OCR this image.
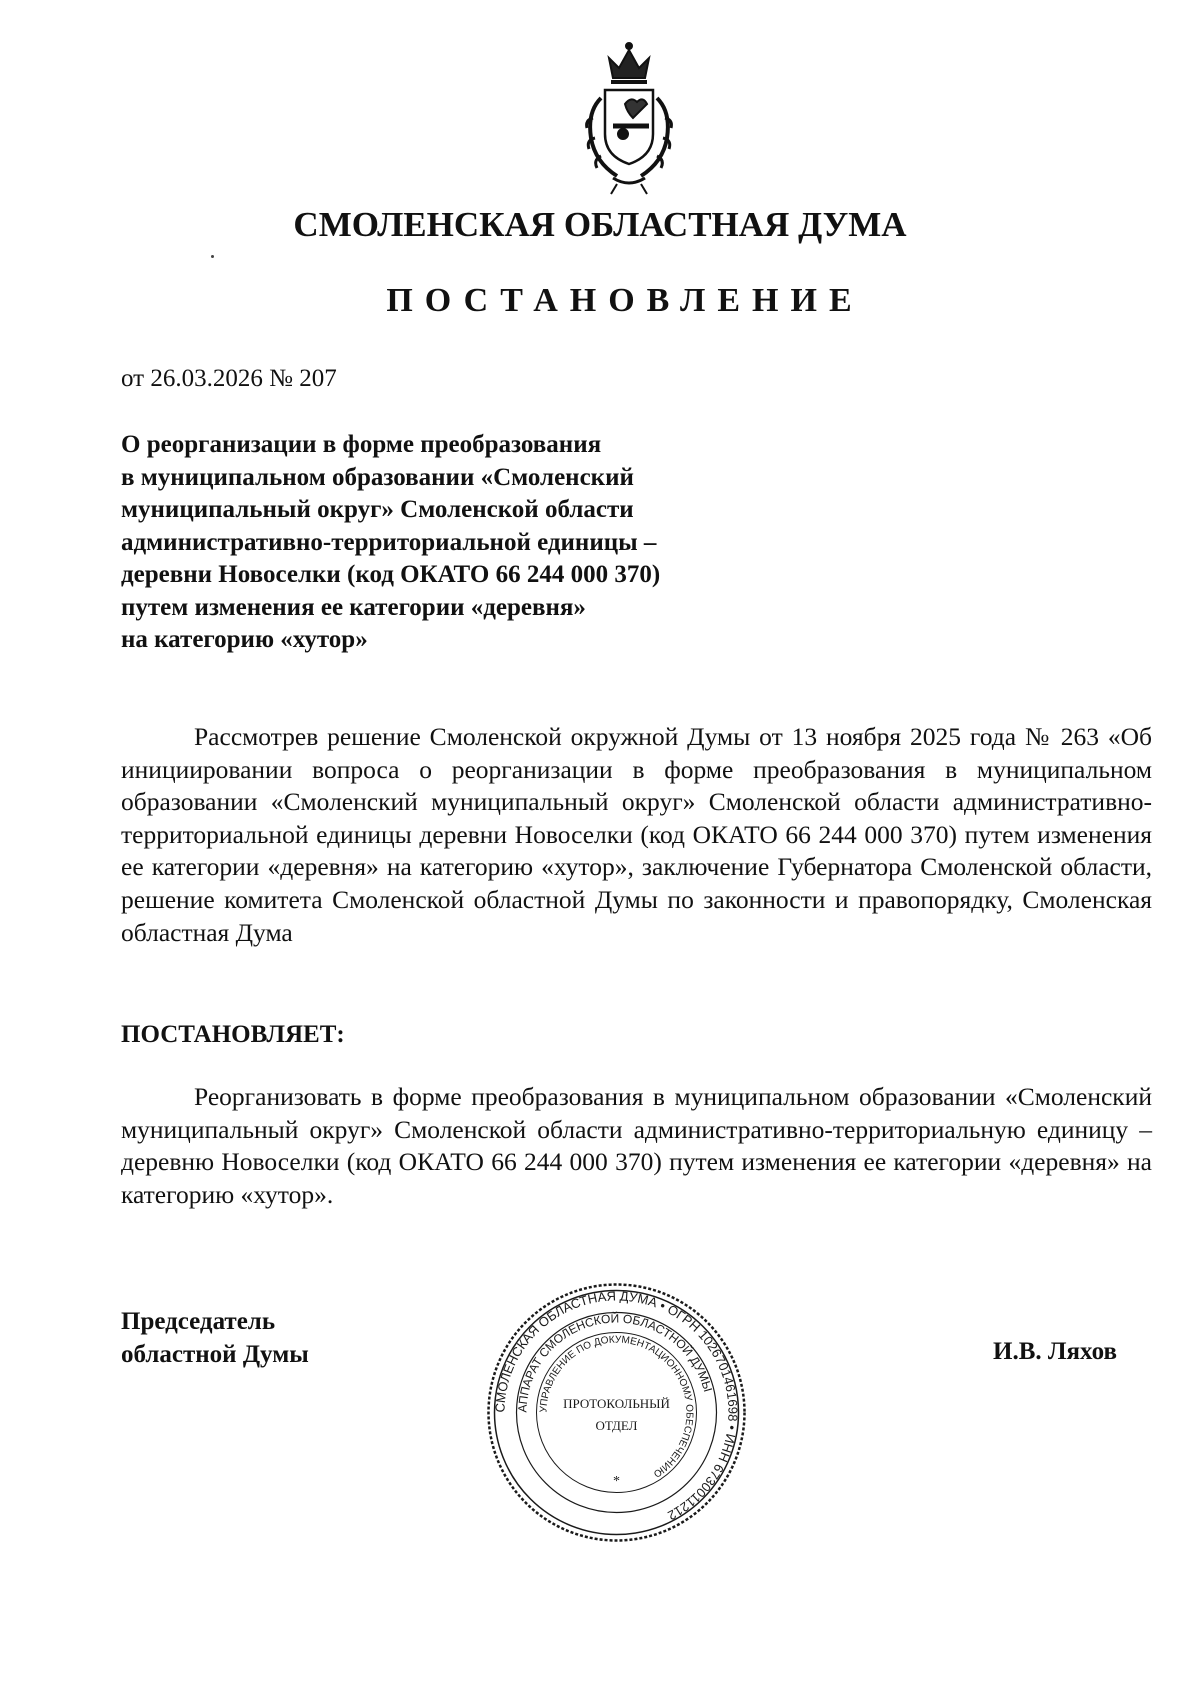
СМОЛЕНСКАЯ ОБЛАСТНАЯ ДУМА
ПОСТАНОВЛЕНИЕ
от 26.03.2026 № 207
О реорганизации в форме преобразования
в муниципальном образовании «Смоленский
муниципальный округ» Смоленской области
административно-территориальной единицы –
деревни Новоселки (код ОКАТО 66 244 000 370)
путем изменения ее категории «деревня»
на категорию «хутор»
Рассмотрев решение Смоленской окружной Думы от 13 ноября 2025 года № 263 «Об инициировании вопроса о реорганизации в форме преобразования в муниципальном образовании «Смоленский муниципальный округ» Смоленской области административно-территориальной единицы деревни Новоселки (код ОКАТО 66 244 000 370) путем изменения ее категории «деревня» на категорию «хутор», заключение Губернатора Смоленской области, решение комитета Смоленской областной Думы по законности и правопорядку, Смоленская областная Дума
ПОСТАНОВЛЯЕТ:
Реорганизовать в форме преобразования в муниципальном образовании «Смоленский муниципальный округ» Смоленской области административно-территориальную единицу – деревню Новоселки (код ОКАТО 66 244 000 370) путем изменения ее категории «деревня» на категорию «хутор».
Председатель
областной Думы	И.В. Ляхов
СМОЛЕНСКАЯ ОБЛАСТНАЯ ДУМА • ОГРН 1026701461698 • ИНН 6730011212
АППАРАТ СМОЛЕНСКОЙ ОБЛАСТНОЙ ДУМЫ
УПРАВЛЕНИЕ ПО ДОКУМЕНТАЦИОННОМУ ОБЕСПЕЧЕНИЮ
ПРОТОКОЛЬНЫЙ
ОТДЕЛ
*
